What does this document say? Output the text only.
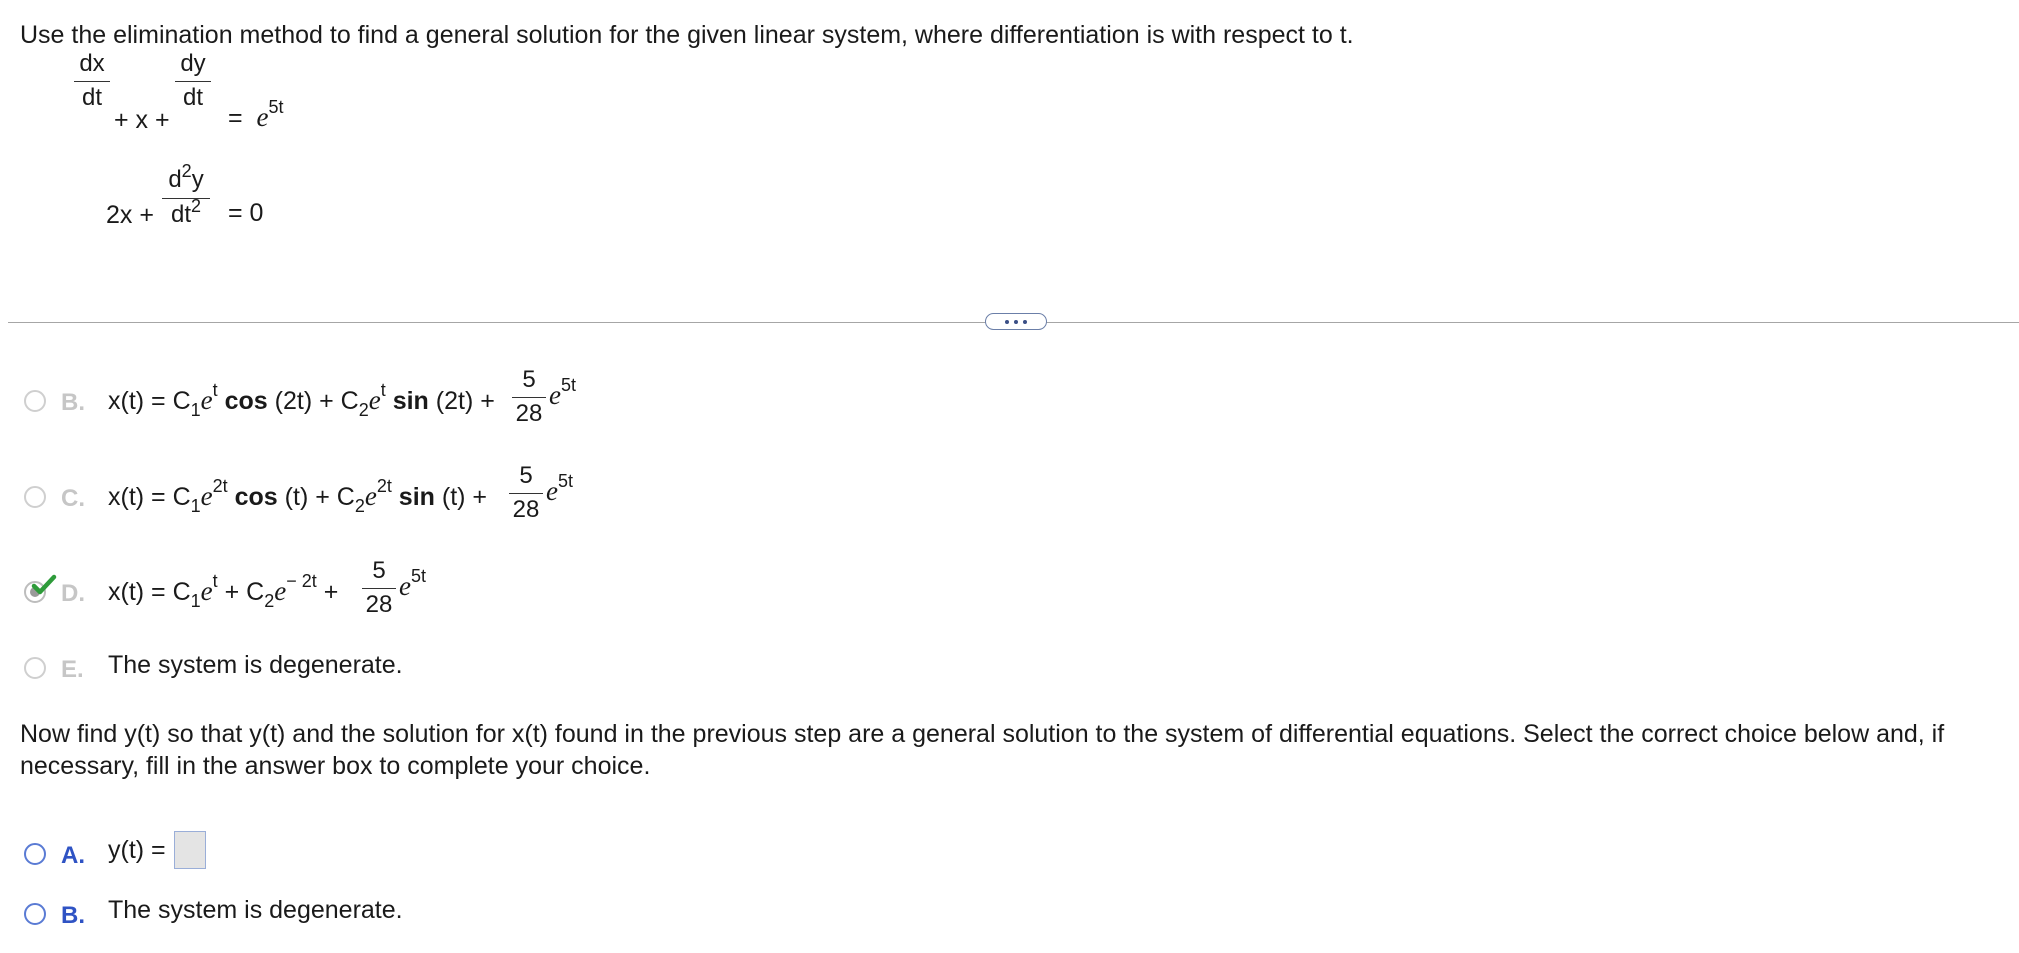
Use the elimination method to find a general solution for the given linear system, where differentiation is with respect to t.
dx
dt
+ x +
dy
dt
= $e^{5t}$
2x +
$d^2y$
$dt^2$	= 0
B. $x(t) = C_1e^t$ $\cos (2t) + C_2e^t$ sin (2t) +
5
28
$e^{5t}$
C. $x(t) = C_1e^{2t}$ $\cos (t) + C_2e^{2t}$ sin (t) +
5
28
$e^{5t}$
D. $x(t) = C_1e^t + C_2e^{- 2t}$ +
5
28
$e^{5t}$
E. The system is degenerate.
Now find y(t) so that y(t) and the solution for x(t) found in the previous step are a general solution to the system of differential equations. Select the correct choice below and, if necessary, fill in the answer box to complete your choice.
A. y(t) =
B. The system is degenerate.
